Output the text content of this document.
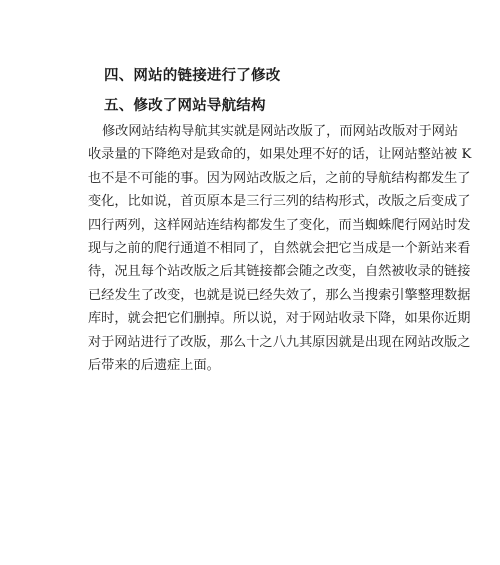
四、网站的链接进行了修改
五、修改了网站导航结构
修改网站结构导航其实就是网站改版了，而网站改版对于网站
收录量的下降绝对是致命的，如果处理不好的话，让网站整站被 K
也不是不可能的事。因为网站改版之后，之前的导航结构都发生了
变化，比如说，首页原本是三行三列的结构形式，改版之后变成了
四行两列，这样网站连结构都发生了变化，而当蜘蛛爬行网站时发
现与之前的爬行通道不相同了，自然就会把它当成是一个新站来看
待，况且每个站改版之后其链接都会随之改变，自然被收录的链接
已经发生了改变，也就是说已经失效了，那么当搜索引擎整理数据
库时，就会把它们删掉。所以说，对于网站收录下降，如果你近期
对于网站进行了改版，那么十之八九其原因就是出现在网站改版之
后带来的后遗症上面。
